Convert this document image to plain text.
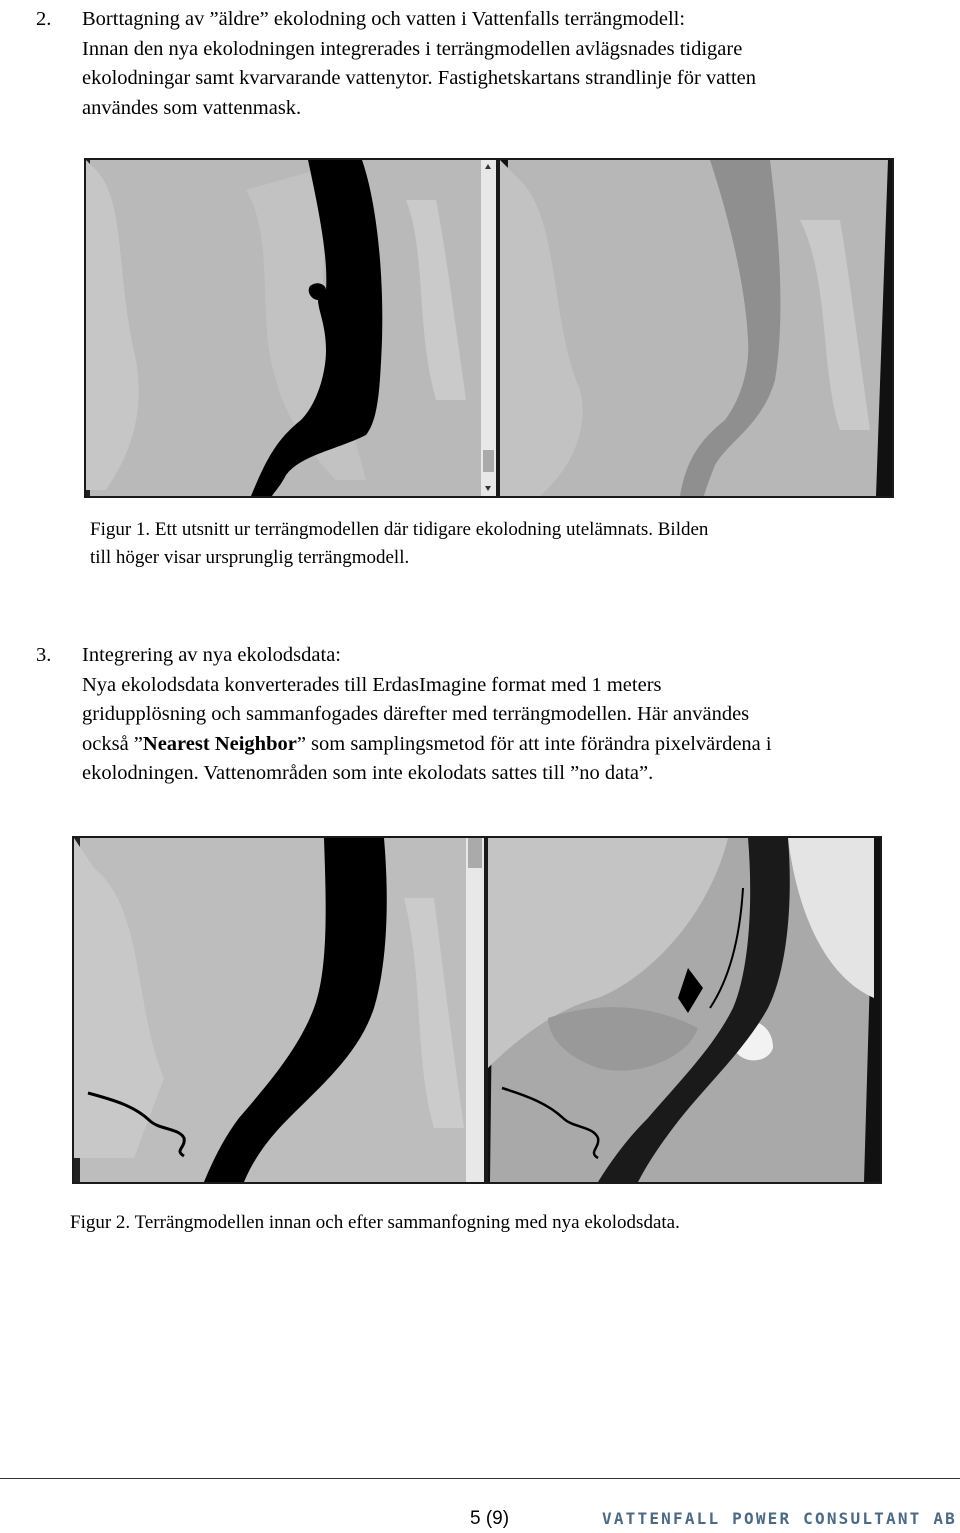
2. Borttagning av ”äldre” ekolodning och vatten i Vattenfalls terrängmodell:
Innan den nya ekolodningen integrerades i terrängmodellen avlägsnades tidigare
ekolodningar samt kvarvarande vattenytor. Fastighetskartans strandlinje för vatten
användes som vattenmask.
Figur 1. Ett utsnitt ur terrängmodellen där tidigare ekolodning utelämnats. Bilden
till höger visar ursprunglig terrängmodell.
3. Integrering av nya ekolodsdata:
Nya ekolodsdata konverterades till ErdasImagine format med 1 meters
gridupplösning och sammanfogades därefter med terrängmodellen. Här användes
också ”Nearest Neighbor” som samplingsmetod för att inte förändra pixelvärdena i
ekolodningen. Vattenområden som inte ekolodats sattes till ”no data”.
Figur 2. Terrängmodellen innan och efter sammanfogning med nya ekolodsdata.
5 (9)	VATTENFALL POWER CONSULTANT AB
